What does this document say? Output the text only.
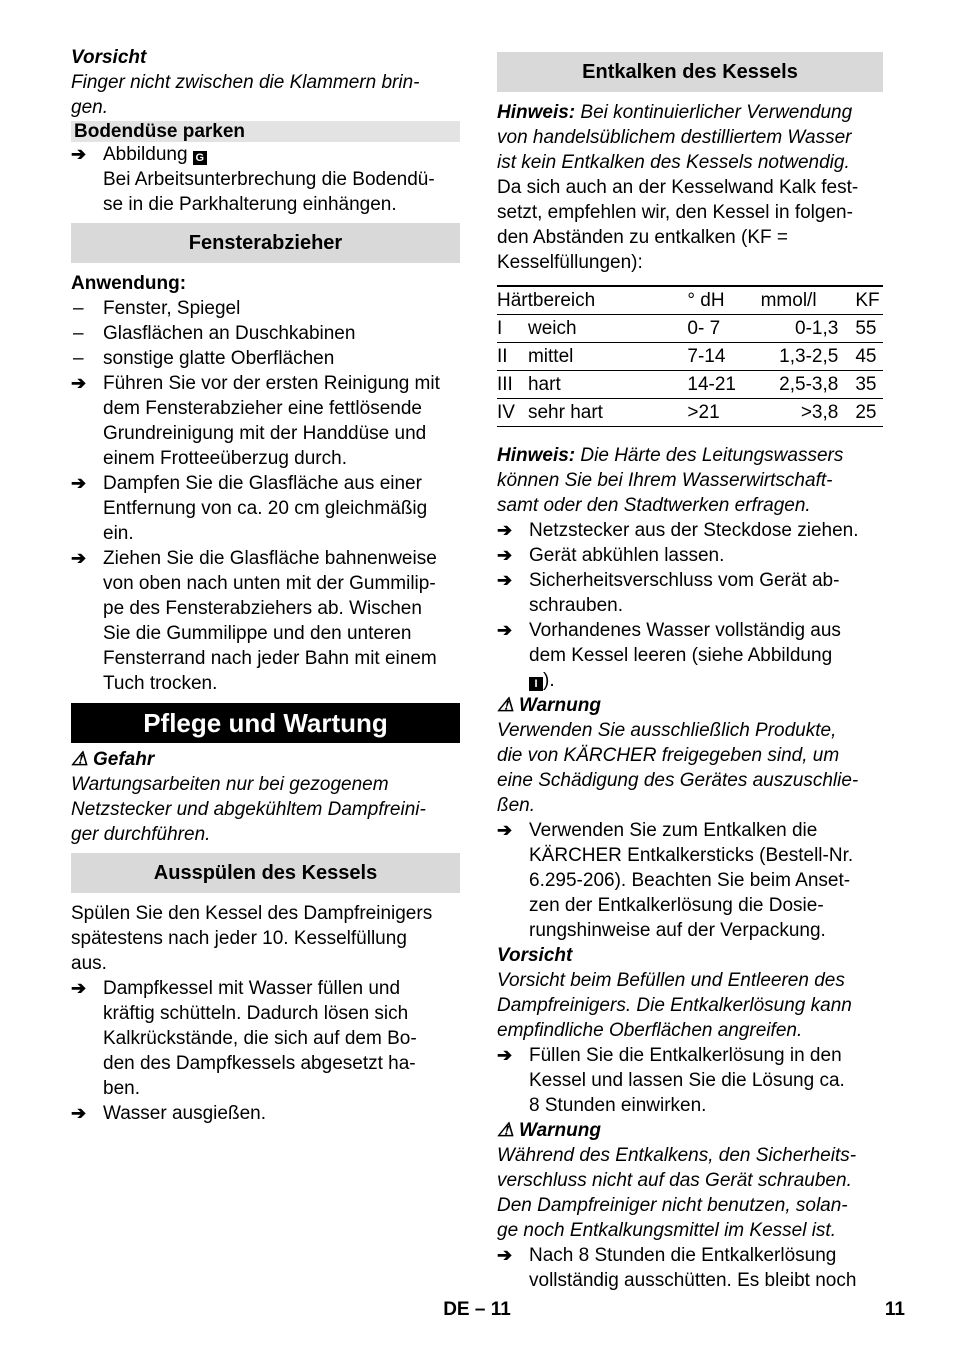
Vorsicht

Finger nicht zwischen die Klammern brin-
gen.
Bodendüse parken
➔ Abbildung G
Bei Arbeitsunterbrechung die Bodendü-
se in die Parkhalterung einhängen.
Fensterabzieher

Anwendung:

–	Fenster, Spiegel
–	Glasflächen an Duschkabinen
–	sonstige glatte Oberflächen
➔ Führen Sie vor der ersten Reinigung mit
dem Fensterabzieher eine fettlösende
Grundreinigung mit der Handdüse und
einem Frotteeüberzug durch.
➔ Dampfen Sie die Glasfläche aus einer
Entfernung von ca. 20 cm gleichmäßig
ein.
➔ Ziehen Sie die Glasfläche bahnenweise
von oben nach unten mit der Gummilip-
pe des Fensterabziehers ab. Wischen
Sie die Gummilippe und den unteren
Fensterrand nach jeder Bahn mit einem
Tuch trocken.
Pflege und Wartung

⚠ Gefahr

Wartungsarbeiten nur bei gezogenem
Netzstecker und abgekühltem Dampfreini-
ger durchführen.
Ausspülen des Kessels
Spülen Sie den Kessel des Dampfreinigers
spätestens nach jeder 10. Kesselfüllung
aus.
➔ Dampfkessel mit Wasser füllen und
kräftig schütteln. Dadurch lösen sich
Kalkrückstände, die sich auf dem Bo-
den des Dampfkessels abgesetzt ha-
ben.
➔ Wasser ausgießen.
Entkalken des Kessels
Hinweis: Bei kontinuierlicher Verwendung
von handelsüblichem destilliertem Wasser
ist kein Entkalken des Kessels notwendig.
Da sich auch an der Kesselwand Kalk fest-
setzt, empfehlen wir, den Kessel in folgen-
den Abständen zu entkalken (KF =
Kesselfüllungen):
Härtbereich		° dH	mmol/l	KF
I	weich	0- 7	0-1,3	55
II	mittel	7-14	1,3-2,5	45
III	hart	14-21	2,5-3,8	35
IV	sehr hart	>21	>3,8	25
Hinweis: Die Härte des Leitungswassers
können Sie bei Ihrem Wasserwirtschaft-
samt oder den Stadtwerken erfragen.
➔ Netzstecker aus der Steckdose ziehen.
➔ Gerät abkühlen lassen.
➔ Sicherheitsverschluss vom Gerät ab-
schrauben.
➔ Vorhandenes Wasser vollständig aus
dem Kessel leeren (siehe Abbildung
I ).

⚠ Warnung

Verwenden Sie ausschließlich Produkte,
die von KÄRCHER freigegeben sind, um
eine Schädigung des Gerätes auszuschlie-
ßen.
➔ Verwenden Sie zum Entkalken die
KÄRCHER Entkalkersticks (Bestell-Nr.
6.295-206). Beachten Sie beim Anset-
zen der Entkalkerlösung die Dosie-
rungshinweise auf der Verpackung.

Vorsicht

Vorsicht beim Befüllen und Entleeren des
Dampfreinigers. Die Entkalkerlösung kann
empfindliche Oberflächen angreifen.
➔ Füllen Sie die Entkalkerlösung in den
Kessel und lassen Sie die Lösung ca.
8 Stunden einwirken.

⚠ Warnung

Während des Entkalkens, den Sicherheits-
verschluss nicht auf das Gerät schrauben.
Den Dampfreiniger nicht benutzen, solan-
ge noch Entkalkungsmittel im Kessel ist.
➔ Nach 8 Stunden die Entkalkerlösung
vollständig ausschütten. Es bleibt noch
DE – 11	11
